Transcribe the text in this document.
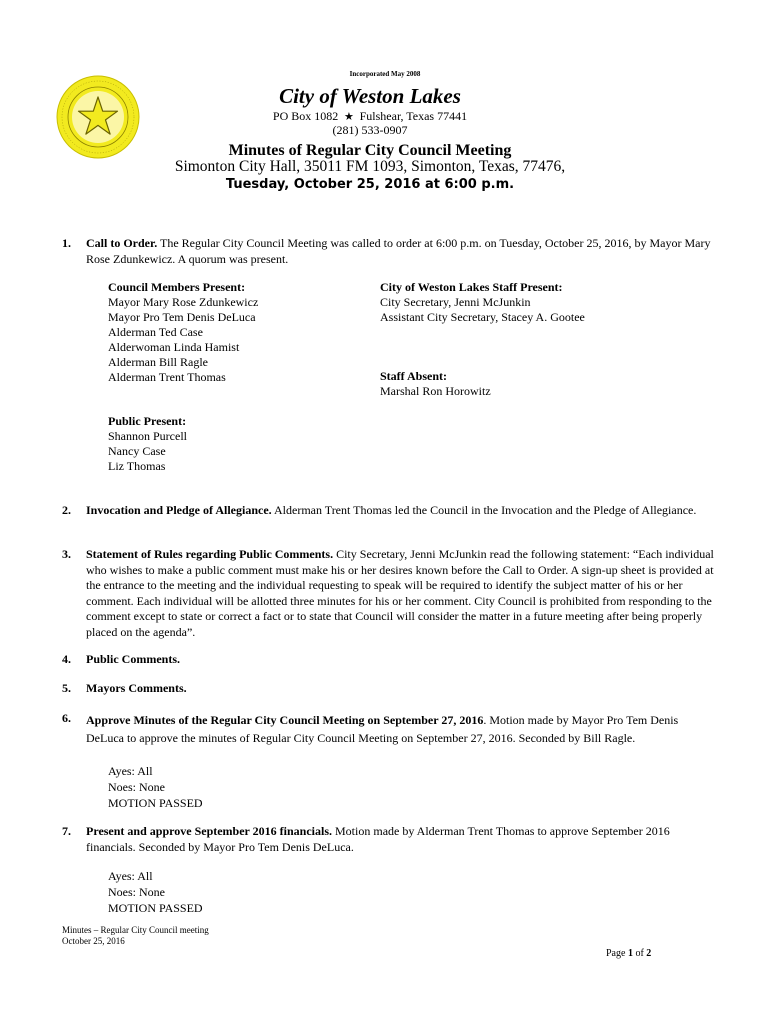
Incorporated May 2008
City of Weston Lakes
PO Box 1082  ★  Fulshear, Texas 77441
(281) 533-0907
Minutes of Regular City Council Meeting
Simonton City Hall, 35011 FM 1093, Simonton, Texas, 77476,
Tuesday, October 25, 2016 at 6:00 p.m.
1. Call to Order. The Regular City Council Meeting was called to order at 6:00 p.m. on Tuesday, October 25, 2016, by Mayor Mary Rose Zdunkewicz. A quorum was present.
Council Members Present:
Mayor Mary Rose Zdunkewicz
Mayor Pro Tem Denis DeLuca
Alderman Ted Case
Alderwoman Linda Hamist
Alderman Bill Ragle
Alderman Trent Thomas
City of Weston Lakes Staff Present:
City Secretary, Jenni McJunkin
Assistant City Secretary, Stacey A. Gootee
Staff Absent:
Marshal Ron Horowitz
Public Present:
Shannon Purcell
Nancy Case
Liz Thomas
2. Invocation and Pledge of Allegiance. Alderman Trent Thomas led the Council in the Invocation and the Pledge of Allegiance.
3. Statement of Rules regarding Public Comments. City Secretary, Jenni McJunkin read the following statement: “Each individual who wishes to make a public comment must make his or her desires known before the Call to Order. A sign-up sheet is provided at the entrance to the meeting and the individual requesting to speak will be required to identify the subject matter of his or her comment. Each individual will be allotted three minutes for his or her comment. City Council is prohibited from responding to the comment except to state or correct a fact or to state that Council will consider the matter in a future meeting after being properly placed on the agenda”.
4. Public Comments.
5. Mayors Comments.
6. Approve Minutes of the Regular City Council Meeting on September 27, 2016. Motion made by Mayor Pro Tem Denis DeLuca to approve the minutes of Regular City Council Meeting on September 27, 2016. Seconded by Bill Ragle.
Ayes: All
Noes: None
MOTION PASSED
7. Present and approve September 2016 financials. Motion made by Alderman Trent Thomas to approve September 2016 financials. Seconded by Mayor Pro Tem Denis DeLuca.
Ayes: All
Noes: None
MOTION PASSED
Minutes – Regular City Council meeting
October 25, 2016
Page 1 of 2
